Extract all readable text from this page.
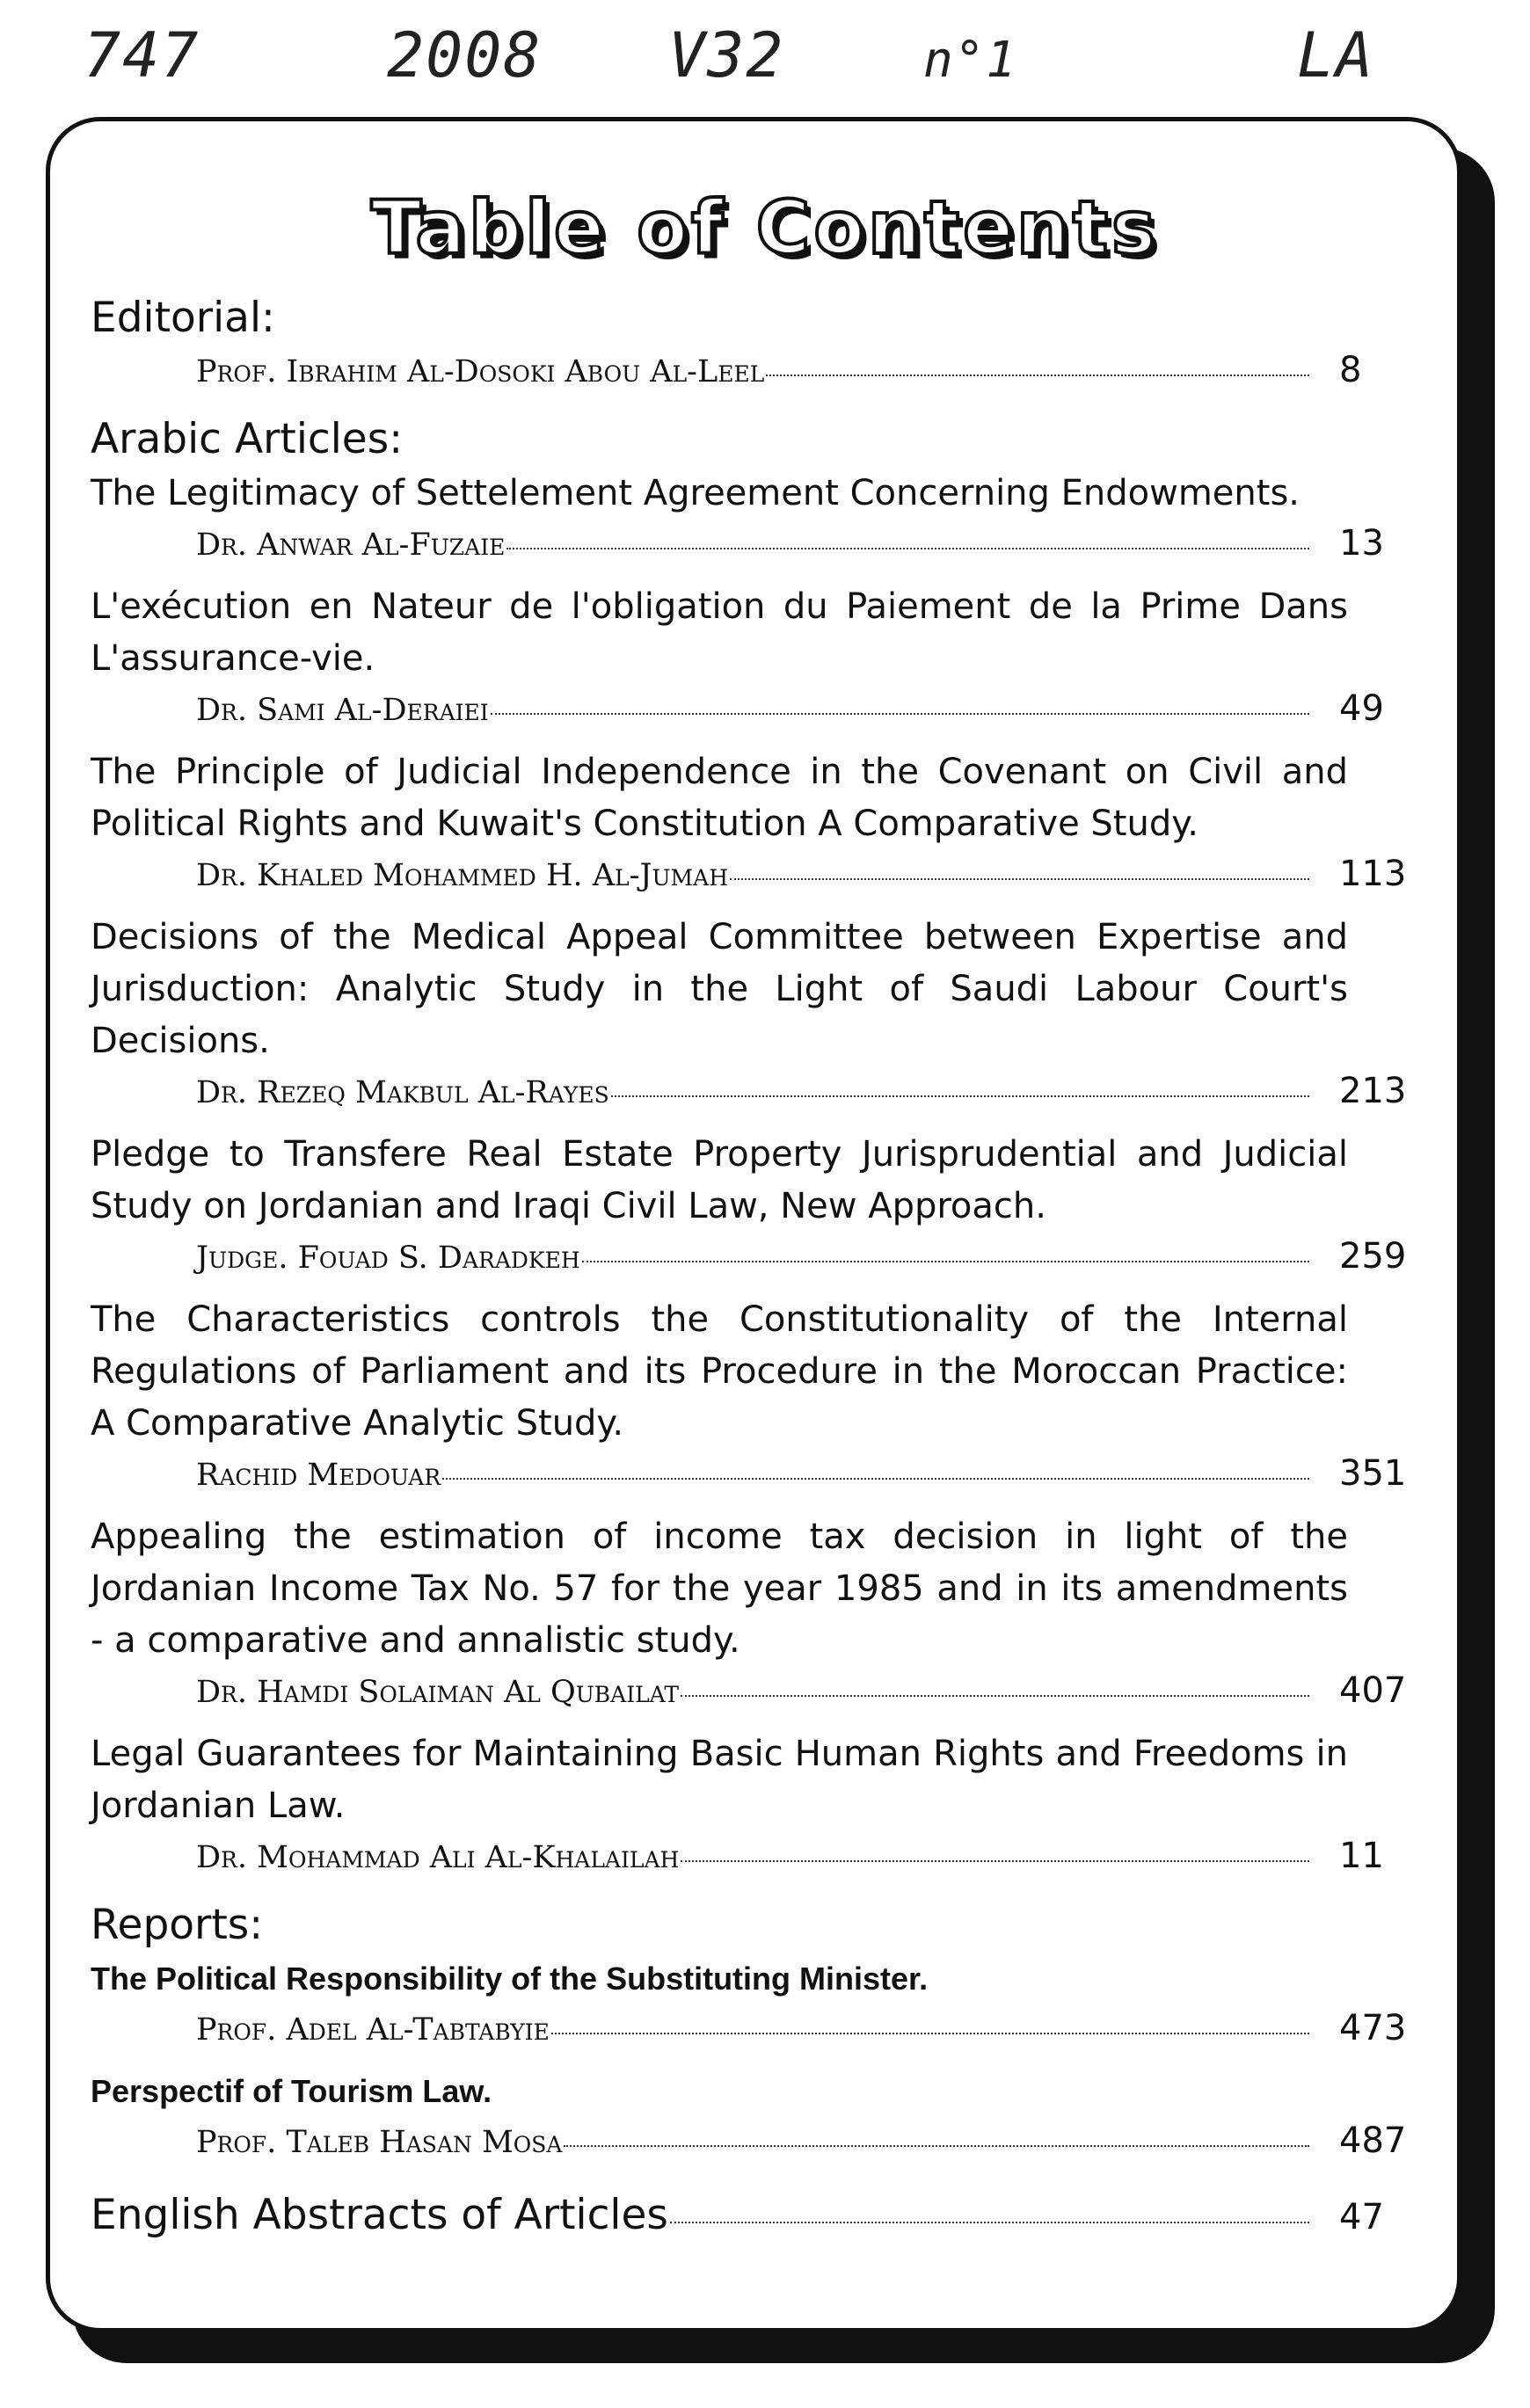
747	2008 V32	n°1	LA
Table of Contents
Editorial:
Prof. Ibrahim Al-Dosoki Abou Al-Leel	8
Arabic Articles:
The Legitimacy of Settelement Agreement Concerning Endowments.
Dr. Anwar Al-Fuzaie	13
L'exécution en Nateur de l'obligation du Paiement de la Prime Dans L'assurance-vie.
Dr. Sami Al-Deraiei	49
The Principle of Judicial Independence in the Covenant on Civil and Political Rights and Kuwait's Constitution A Comparative Study.
Dr. Khaled Mohammed H. Al-Jumah	113
Decisions of the Medical Appeal Committee between Expertise and Jurisduction: Analytic Study in the Light of Saudi Labour Court's Decisions.
Dr. Rezeq Makbul Al-Rayes	213
Pledge to Transfere Real Estate Property Jurisprudential and Judicial Study on Jordanian and Iraqi Civil Law, New Approach.
Judge. Fouad S. Daradkeh	259
The Characteristics controls the Constitutionality of the Internal Regulations of Parliament and its Procedure in the Moroccan Practice: A Comparative Analytic Study.
Rachid Medouar	351
Appealing the estimation of income tax decision in light of the Jordanian Income Tax No. 57 for the year 1985 and in its amendments - a comparative and annalistic study.
Dr. Hamdi Solaiman Al Qubailat	407
Legal Guarantees for Maintaining Basic Human Rights and Freedoms in Jordanian Law.
Dr. Mohammad Ali Al-Khalailah	11
Reports:
The Political Responsibility of the Substituting Minister.
Prof. Adel Al-Tabtabyie	473
Perspectif of Tourism Law.
Prof. Taleb Hasan Mosa	487
English Abstracts of Articles	47
